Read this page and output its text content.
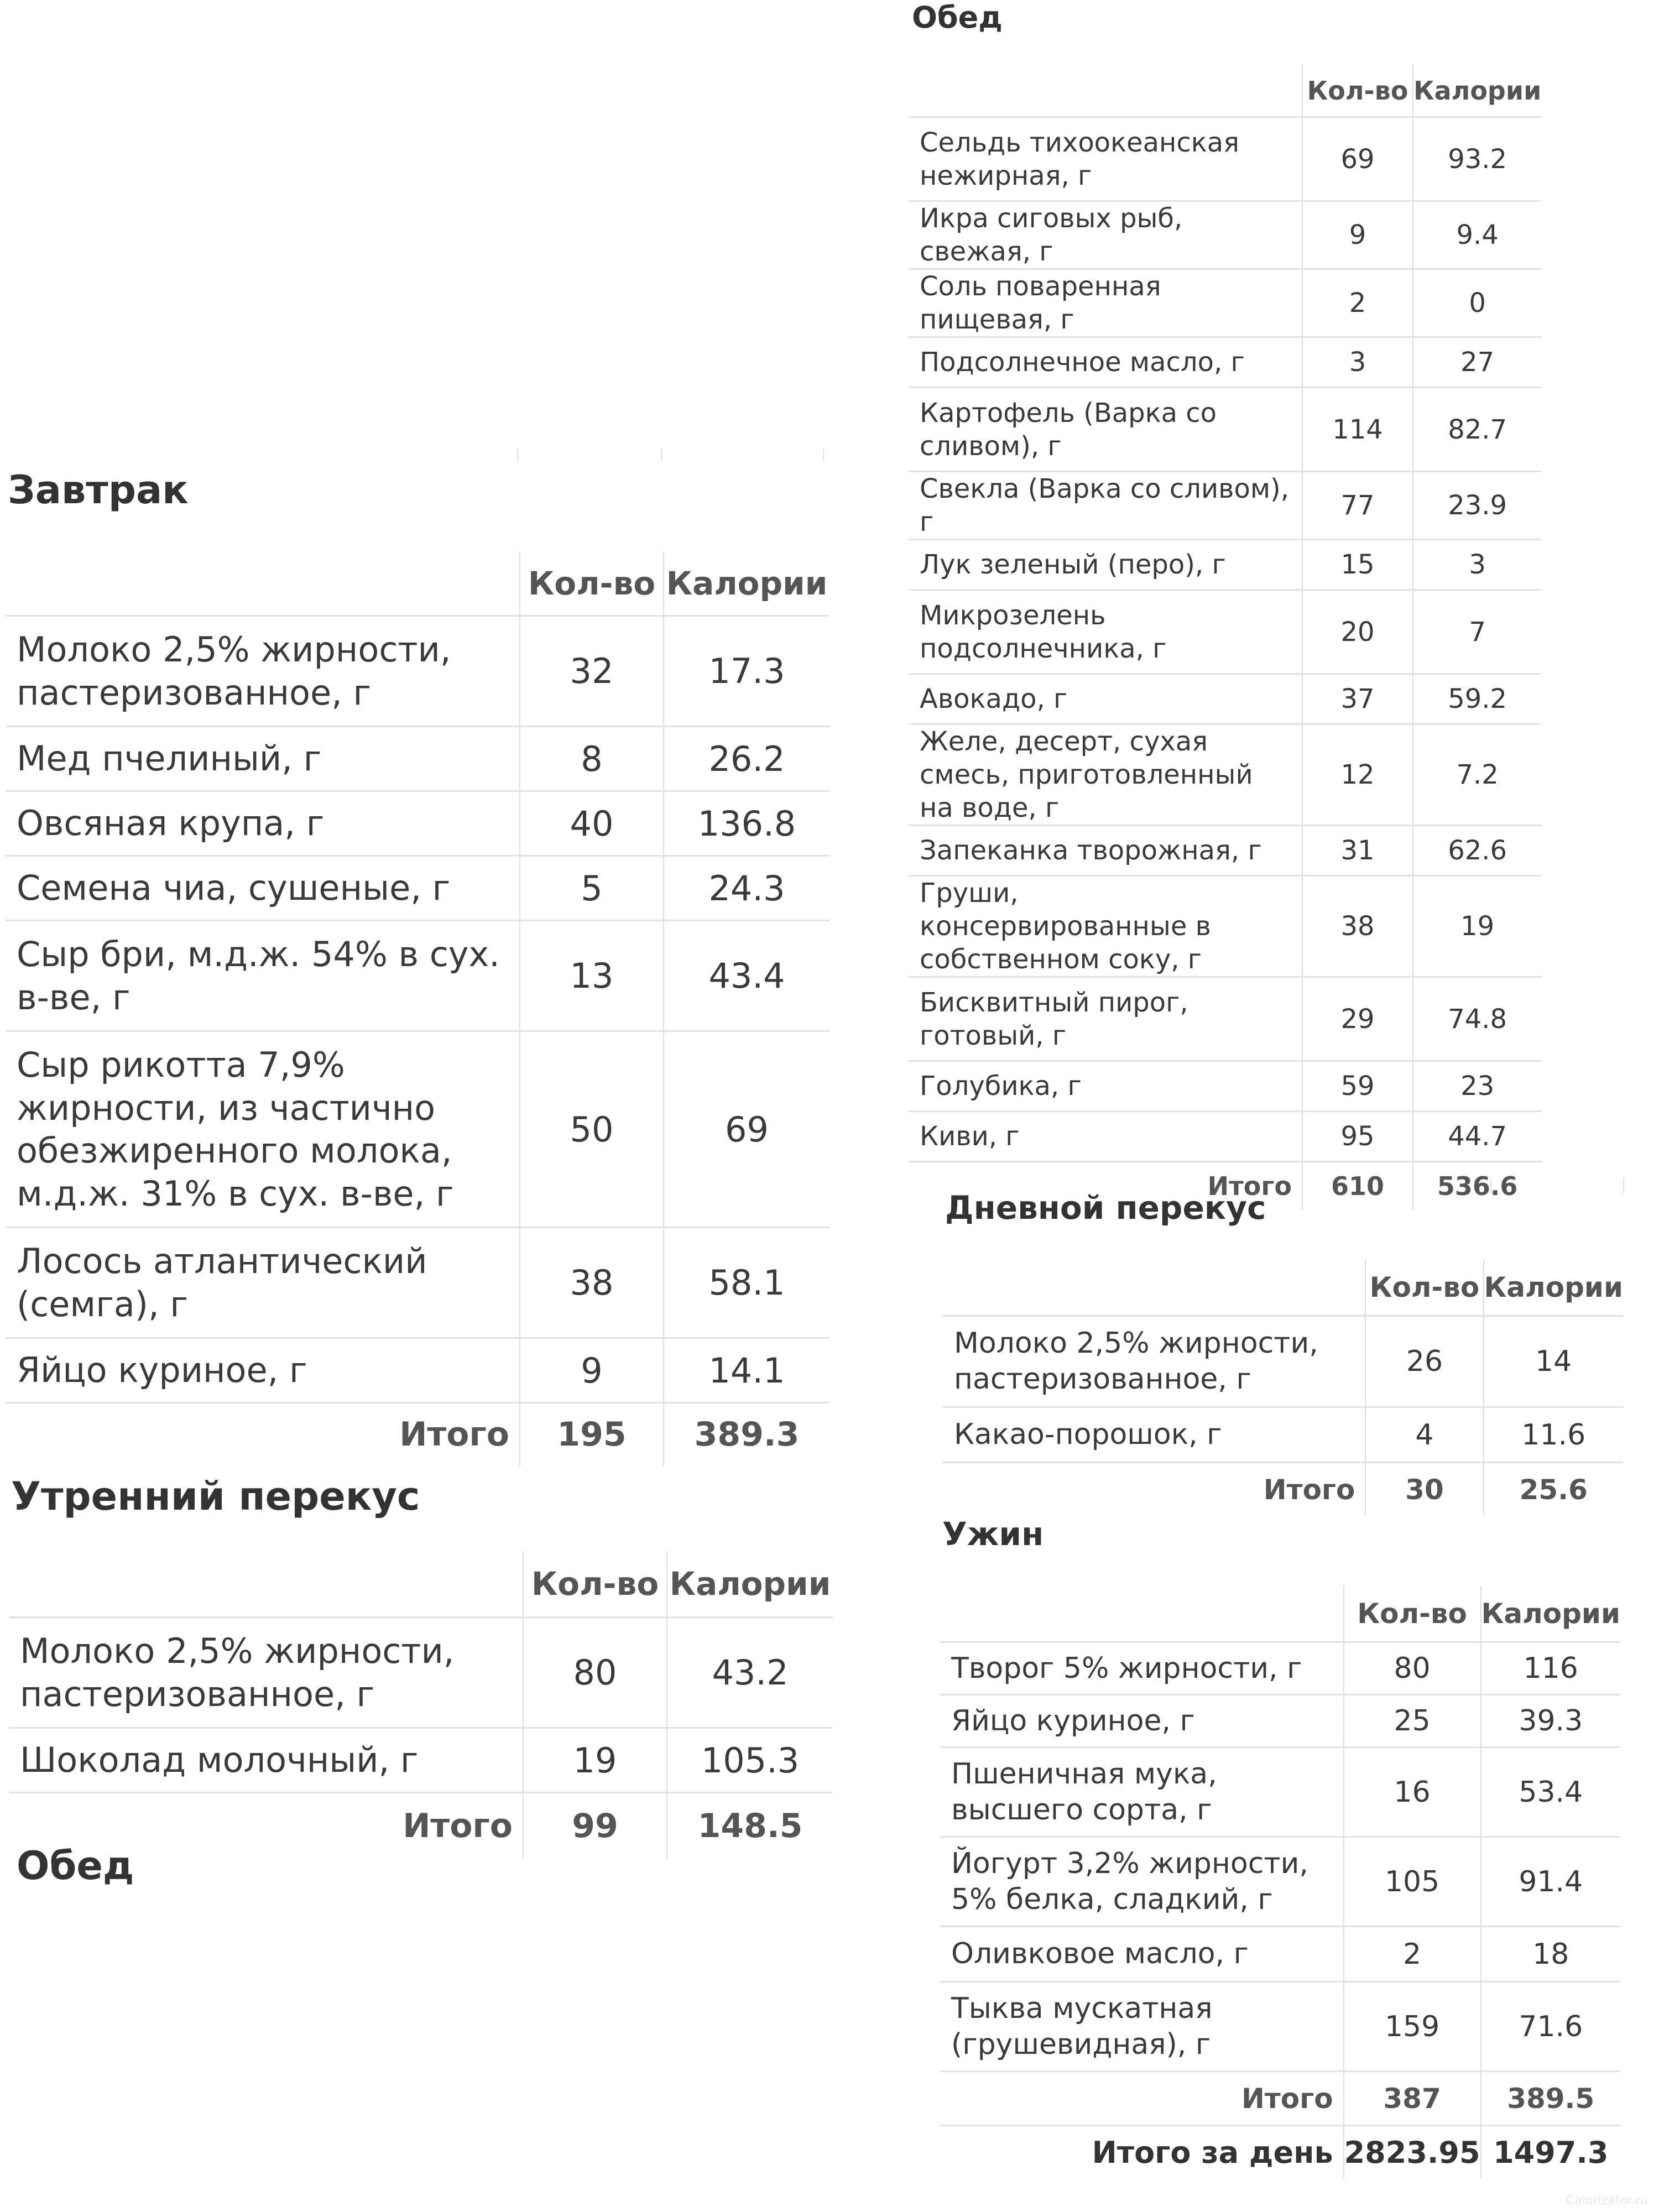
Завтрак
	Кол-во	Калории
Молоко 2,5% жирности, пастеризованное, г	32	17.3
Мед пчелиный, г	8	26.2
Овсяная крупа, г	40	136.8
Семена чиа, сушеные, г	5	24.3
Сыр бри, м.д.ж. 54% в сух. в-ве, г	13	43.4
Сыр рикотта 7,9% жирности, из частично обезжиренного молока, м.д.ж. 31% в сух. в-ве, г	50	69
Лосось атлантический (семга), г	38	58.1
Яйцо куриное, г	9	14.1
Итого	195	389.3
Утренний перекус
	Кол-во	Калории
Молоко 2,5% жирности, пастеризованное, г	80	43.2
Шоколад молочный, г	19	105.3
Итого	99	148.5
Обед
Обед
	Кол-во	Калории
Сельдь тихоокеанская нежирная, г	69	93.2
Икра сиговых рыб, свежая, г	9	9.4
Соль поваренная пищевая, г	2	0
Подсолнечное масло, г	3	27
Картофель (Варка со сливом), г	114	82.7
Свекла (Варка со сливом), г	77	23.9
Лук зеленый (перо), г	15	3
Микрозелень подсолнечника, г	20	7
Авокадо, г	37	59.2
Желе, десерт, сухая смесь, приготовленный на воде, г	12	7.2
Запеканка творожная, г	31	62.6
Груши, консервированные в собственном соку, г	38	19
Бисквитный пирог, готовый, г	29	74.8
Голубика, г	59	23
Киви, г	95	44.7
Итого	610	536.6
Дневной перекус
	Кол-во	Калории
Молоко 2,5% жирности, пастеризованное, г	26	14
Какао-порошок, г	4	11.6
Итого	30	25.6
Ужин
	Кол-во	Калории
Творог 5% жирности, г	80	116
Яйцо куриное, г	25	39.3
Пшеничная мука, высшего сорта, г	16	53.4
Йогурт 3,2% жирности, 5% белка, сладкий, г	105	91.4
Оливковое масло, г	2	18
Тыква мускатная (грушевидная), г	159	71.6
Итого	387	389.5
Итого за день	2823.95	1497.3
Calorizator.ru
